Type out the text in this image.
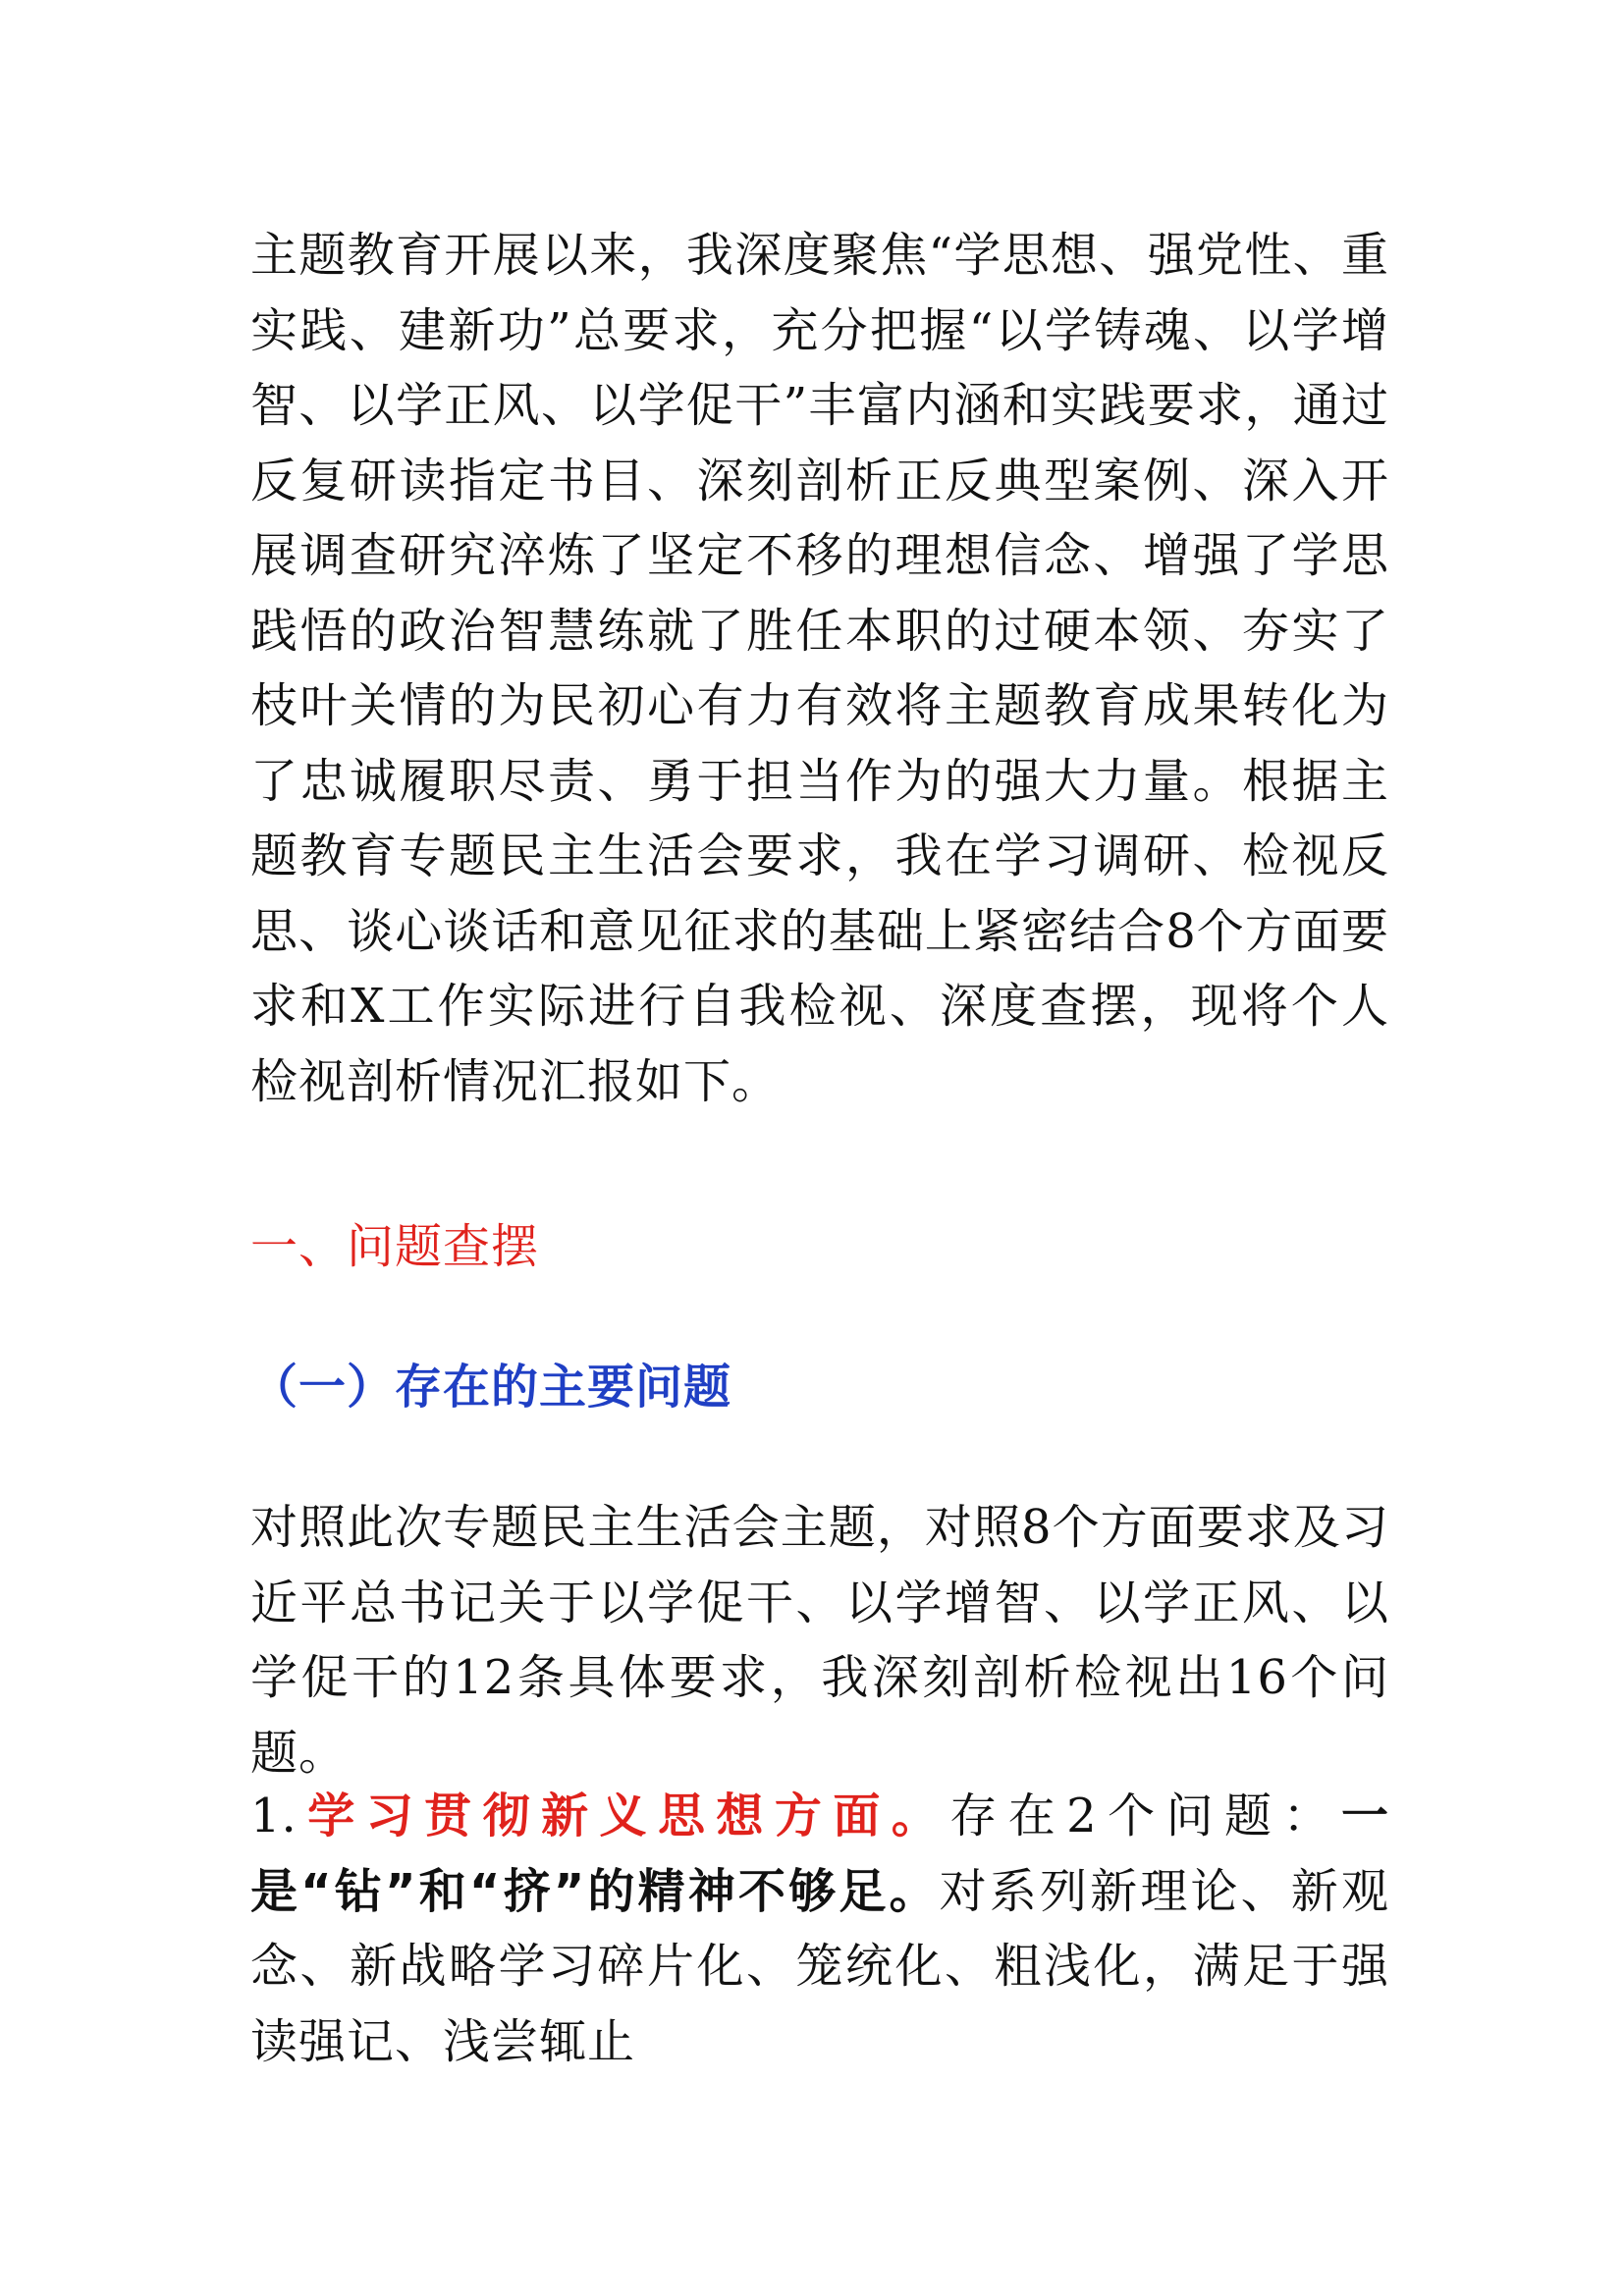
主题教育开展以来，我深度聚焦“学思想、强党性、重实践、建新功”总要求，充分把握“以学铸魂、以学增智、以学正风、以学促干”丰富内涵和实践要求，通过反复研读指定书目、深刻剖析正反典型案例、深入开展调查研究淬炼了坚定不移的理想信念、增强了学思践悟的政治智慧练就了胜任本职的过硬本领、夯实了枝叶关情的为民初心有力有效将主题教育成果转化为了忠诚履职尽责、勇于担当作为的强大力量。根据主题教育专题民主生活会要求，我在学习调研、检视反思、谈心谈话和意见征求的基础上紧密结合8个方面要求和X工作实际进行自我检视、深度查摆，现将个人检视剖析情况汇报如下。

一、问题查摆
（一）存在的主要问题

对照此次专题民主生活会主题，对照8个方面要求及习近平总书记关于以学促干、以学增智、以学正风、以学促干的12条具体要求，我深刻剖析检视出16个问题。

1.学习贯彻新义思想方面。存在2个问题：一是“钻”和“挤”的精神不够足。对系列新理论、新观念、新战略学习碎片化、笼统化、粗浅化，满足于强读强记、浅尝辄止
